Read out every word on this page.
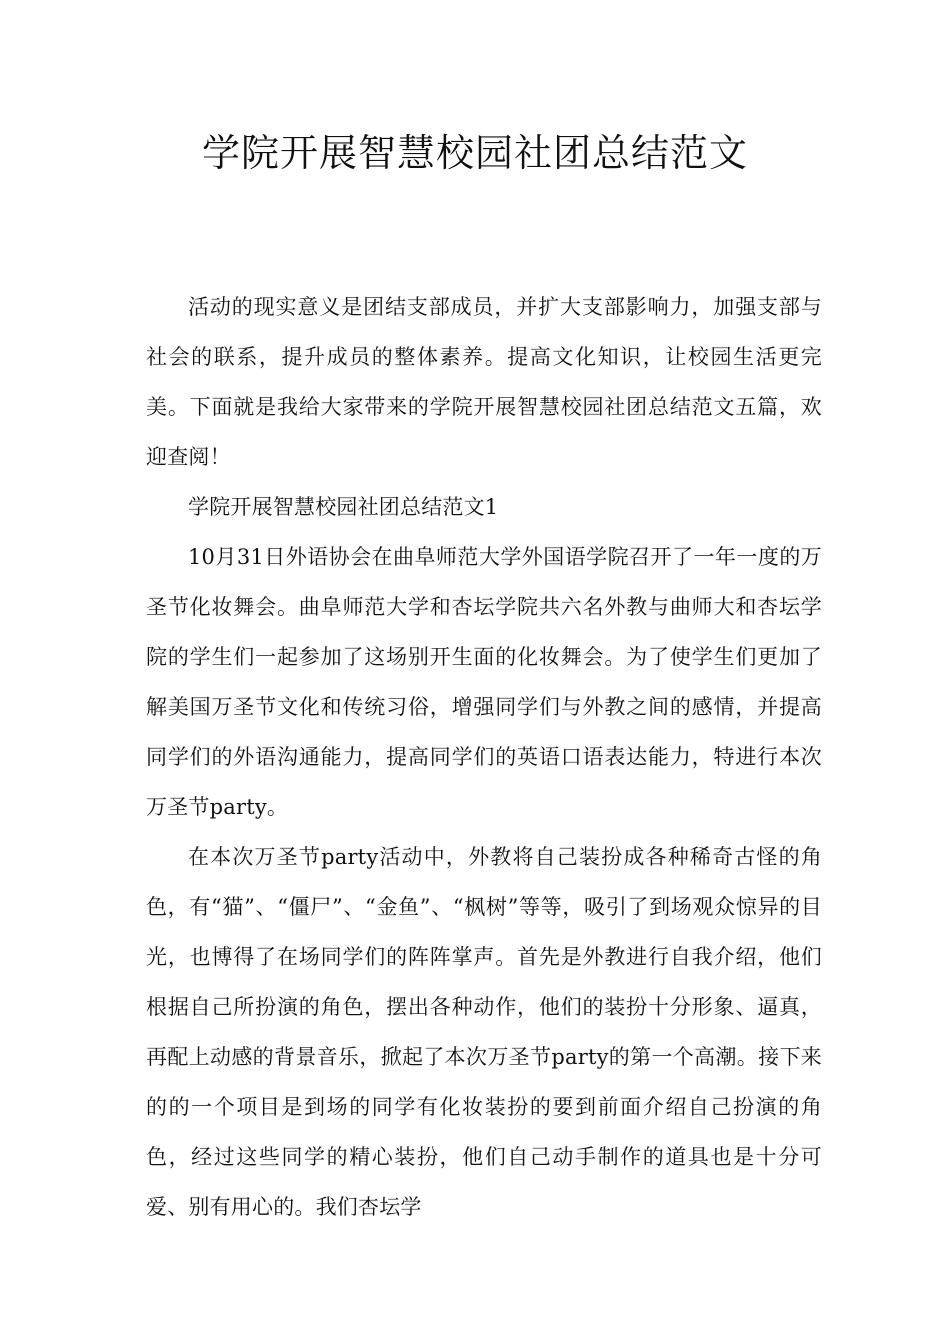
学院开展智慧校园社团总结范文

活动的现实意义是团结支部成员，并扩大支部影响力，加强支部与社会的联系，提升成员的整体素养。提高文化知识，让校园生活更完美。下面就是我给大家带来的学院开展智慧校园社团总结范文五篇，欢迎查阅！

学院开展智慧校园社团总结范文1

10月31日外语协会在曲阜师范大学外国语学院召开了一年一度的万圣节化妆舞会。曲阜师范大学和杏坛学院共六名外教与曲师大和杏坛学院的学生们一起参加了这场别开生面的化妆舞会。为了使学生们更加了解美国万圣节文化和传统习俗，增强同学们与外教之间的感情，并提高同学们的外语沟通能力，提高同学们的英语口语表达能力，特进行本次万圣节party。

在本次万圣节party活动中，外教将自己装扮成各种稀奇古怪的角色，有“猫”、“僵尸”、“金鱼”、“枫树”等等，吸引了到场观众惊异的目光，也博得了在场同学们的阵阵掌声。首先是外教进行自我介绍，他们根据自己所扮演的角色，摆出各种动作，他们的装扮十分形象、逼真，再配上动感的背景音乐，掀起了本次万圣节party的第一个高潮。接下来的的一个项目是到场的同学有化妆装扮的要到前面介绍自己扮演的角色，经过这些同学的精心装扮，他们自己动手制作的道具也是十分可爱、别有用心的。我们杏坛学
